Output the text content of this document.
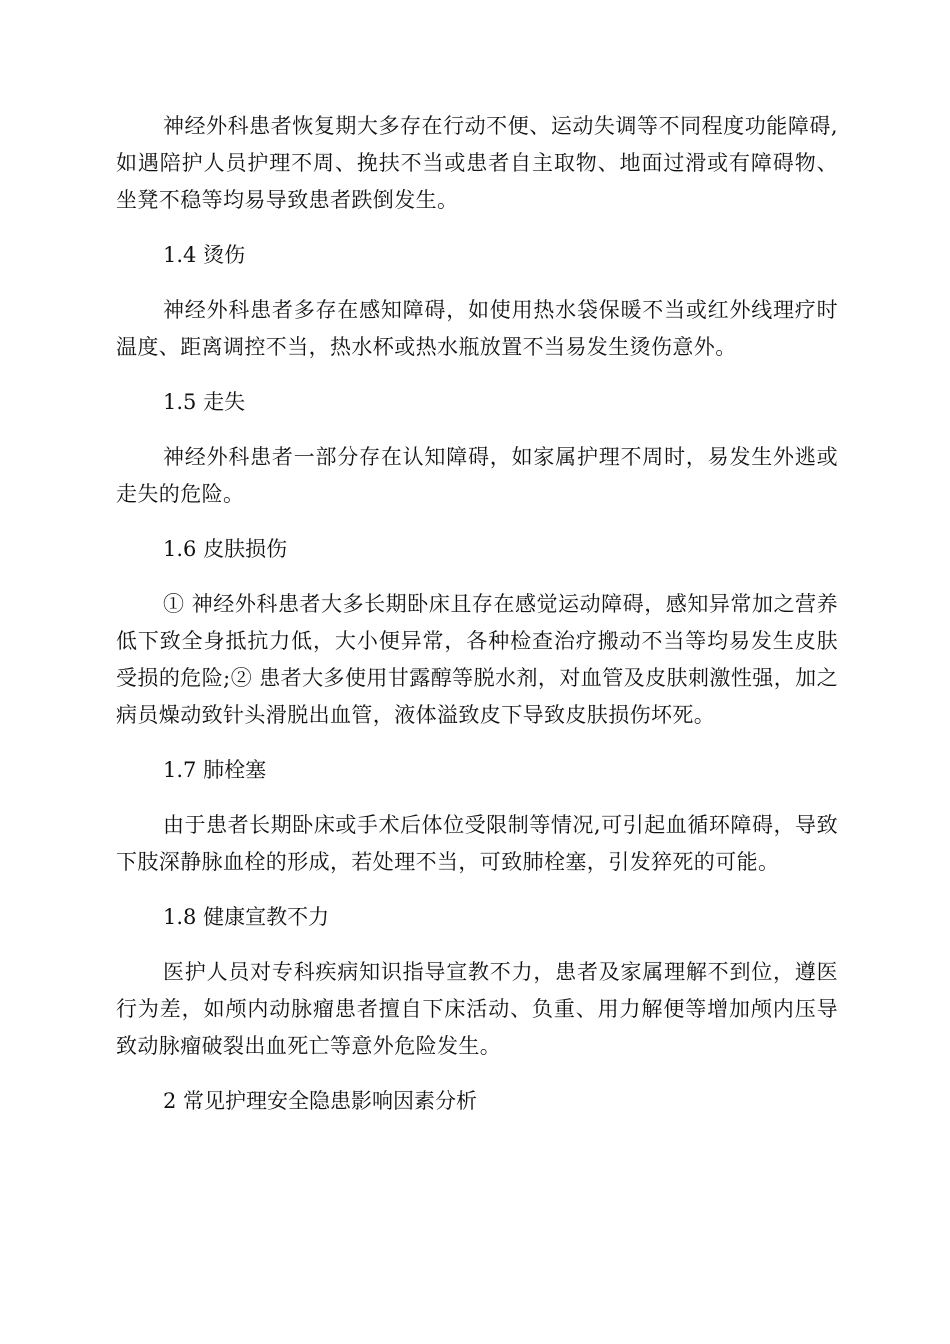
神经外科患者恢复期大多存在行动不便、运动失调等不同程度功能障碍,如遇陪护人员护理不周、挽扶不当或患者自主取物、地面过滑或有障碍物、坐凳不稳等均易导致患者跌倒发生。

1.4 烫伤

神经外科患者多存在感知障碍，如使用热水袋保暖不当或红外线理疗时温度、距离调控不当，热水杯或热水瓶放置不当易发生烫伤意外。

1.5 走失

神经外科患者一部分存在认知障碍，如家属护理不周时，易发生外逃或走失的危险。

1.6 皮肤损伤

① 神经外科患者大多长期卧床且存在感觉运动障碍，感知异常加之营养低下致全身抵抗力低，大小便异常，各种检查治疗搬动不当等均易发生皮肤受损的危险;② 患者大多使用甘露醇等脱水剂，对血管及皮肤刺激性强，加之病员燥动致针头滑脱出血管，液体溢致皮下导致皮肤损伤坏死。

1.7 肺栓塞

由于患者长期卧床或手术后体位受限制等情况,可引起血循环障碍，导致下肢深静脉血栓的形成，若处理不当，可致肺栓塞，引发猝死的可能。

1.8 健康宣教不力

医护人员对专科疾病知识指导宣教不力，患者及家属理解不到位，遵医行为差，如颅内动脉瘤患者擅自下床活动、负重、用力解便等增加颅内压导致动脉瘤破裂出血死亡等意外危险发生。

2 常见护理安全隐患影响因素分析
